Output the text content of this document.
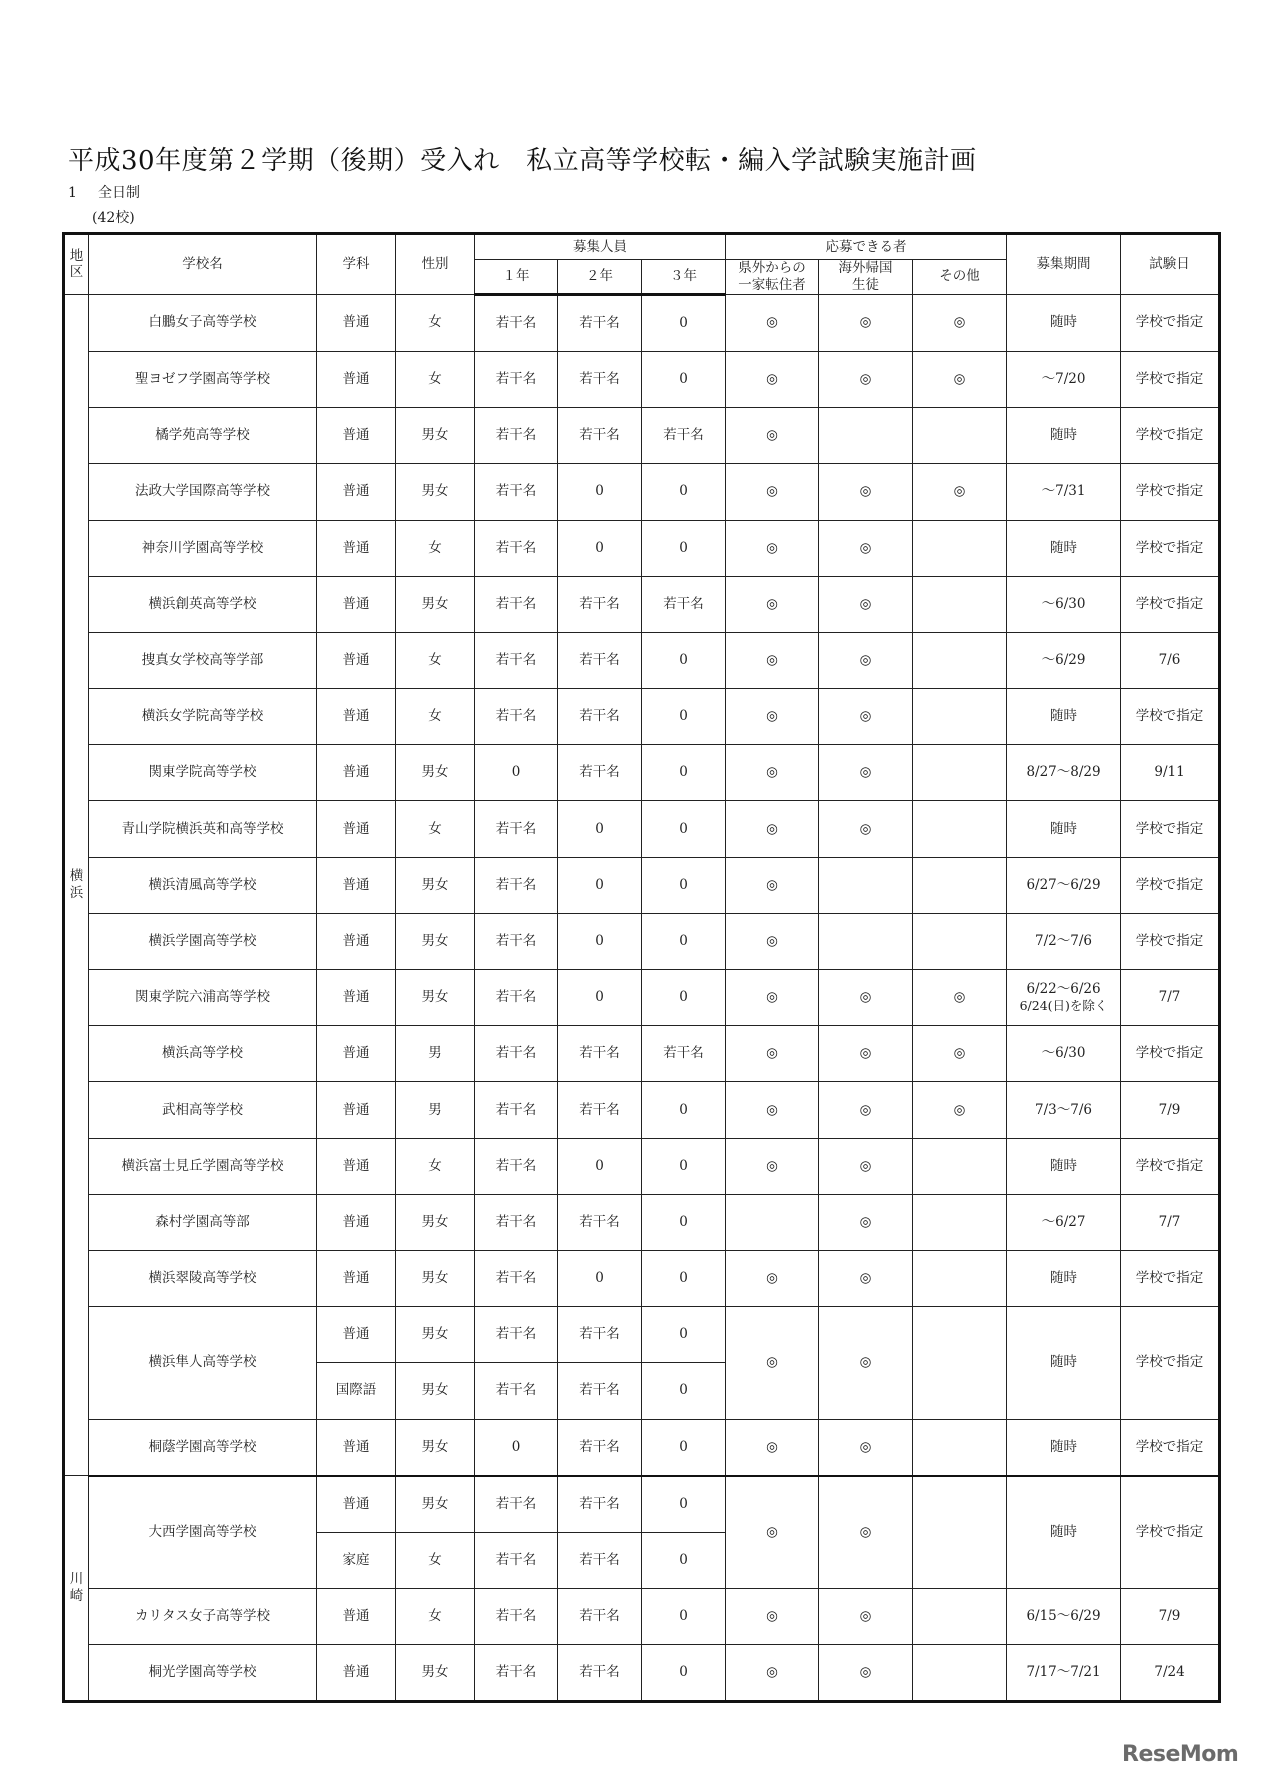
平成30年度第２学期（後期）受入れ　私立高等学校転・編入学試験実施計画
1 全日制
(42校)
地区	学校名	学科	性別	募集人員			応募できる者			募集期間	試験日
							県外からの一家転住者	海外帰国生徒	その他		
				１年	２年	３年					
横浜	白鵬女子高等学校	普通	女	若干名	若干名	0	◎	◎	◎	随時	学校で指定
	聖ヨゼフ学園高等学校	普通	女	若干名	若干名	0	◎	◎	◎	～7/20	学校で指定
	橘学苑高等学校	普通	男女	若干名	若干名	若干名	◎			随時	学校で指定
	法政大学国際高等学校	普通	男女	若干名	0	0	◎	◎	◎	～7/31	学校で指定
	神奈川学園高等学校	普通	女	若干名	0	0	◎	◎		随時	学校で指定
	横浜創英高等学校	普通	男女	若干名	若干名	若干名	◎	◎		～6/30	学校で指定
	捜真女学校高等学部	普通	女	若干名	若干名	0	◎	◎		～6/29	7/6
	横浜女学院高等学校	普通	女	若干名	若干名	0	◎	◎		随時	学校で指定
	関東学院高等学校	普通	男女	0	若干名	0	◎	◎		8/27～8/29	9/11
	青山学院横浜英和高等学校	普通	女	若干名	0	0	◎	◎		随時	学校で指定
	横浜清風高等学校	普通	男女	若干名	0	0	◎			6/27～6/29	学校で指定
	横浜学園高等学校	普通	男女	若干名	0	0	◎			7/2～7/6	学校で指定
	関東学院六浦高等学校	普通	男女	若干名	0	0	◎	◎	◎	6/22～6/26
6/24(日)を除く	7/7
	横浜高等学校	普通	男	若干名	若干名	若干名	◎	◎	◎	～6/30	学校で指定
	武相高等学校	普通	男	若干名	若干名	0	◎	◎	◎	7/3～7/6	7/9
	横浜富士見丘学園高等学校	普通	女	若干名	0	0	◎	◎		随時	学校で指定
	森村学園高等部	普通	男女	若干名	若干名	0		◎		～6/27	7/7
	横浜翠陵高等学校	普通	男女	若干名	0	0	◎	◎		随時	学校で指定
	横浜隼人高等学校	普通	男女	若干名	若干名	0	◎	◎		随時	学校で指定
		国際語	男女	若干名	若干名	0					
	桐蔭学園高等学校	普通	男女	0	若干名	0	◎	◎		随時	学校で指定
川崎	大西学園高等学校	普通	男女	若干名	若干名	0	◎	◎		随時	学校で指定
		家庭	女	若干名	若干名	0					
	カリタス女子高等学校	普通	女	若干名	若干名	0	◎	◎		6/15～6/29	7/9
	桐光学園高等学校	普通	男女	若干名	若干名	0	◎	◎		7/17～7/21	7/24
ReseMom
